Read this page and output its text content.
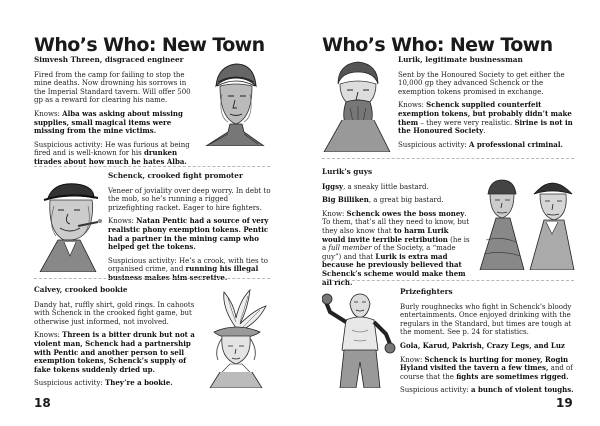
Who’s Who: New Town
Simvesh Threen, disgraced engineer

Fired from the camp for failing to stop the mine deaths. Now drowning his sorrows in the Imperial Standard tavern. Will offer 500 gp as a reward for clearing his name.

Knows: Alba was asking about missing supplies, small magical items were missing from the mine victims.

Suspicious activity: He was furious at being fired and is well-known for his drunken tirades about how much he hates Alba.

Schenck, crooked fight promoter

Veneer of joviality over deep worry. In debt to the mob, so he’s running a rigged prizefighting racket. Eager to hire fighters.

Knows: Natan Pentic had a source of very realistic phony exemption tokens. Pentic had a partner in the mining camp who helped get the tokens.

Suspicious activity: He’s a crook, with ties to organised crime, and running his illegal business makes him secretive.

Calvey, crooked bookie

Dandy hat, ruffly shirt, gold rings. In cahoots with Schenck in the crooked fight game, but otherwise just informed, not involved.

Knows: Threen is a bitter drunk but not a violent man, Schenck had a partnership with Pentic and another person to sell exemption tokens, Schenck’s supply of fake tokens suddenly dried up.

Suspicious activity: They’re a bookie.

18
Who’s Who: New Town
Lurik, legitimate businessman

Sent by the Honoured Society to get either the 10,000 gp they advanced Schenck or the exemption tokens promised in exchange.

Knows: Schenck supplied counterfeit exemption tokens, but probably didn’t make them – they were very realistic. Sirine is not in the Honoured Society.

Suspicious activity: A professional criminal.

Lurik’s guys

Iggsy, a sneaky little bastard.

Big Billiken, a great big bastard.

Know: Schenck owes the boss money. To them, that’s all they need to know, but they also know that to harm Lurik would invite terrible retribution (he is a full member of the Society, a “made guy”) and that Lurik is extra mad because he previously believed that Schenck’s scheme would make them all rich.

Prizefighters

Burly roughnecks who fight in Schenck’s bloody entertainments. Once enjoyed drinking with the regulars in the Standard, but times are tough at the moment. See p. 24 for statistics.

Gola, Karud, Pakrish, Crazy Legs, and Luz

Know: Schenck is hurting for money, Rogin Hyland visited the tavern a few times, and of course that the fights are sometimes rigged.

Suspicious activity: a bunch of violent toughs.

19
